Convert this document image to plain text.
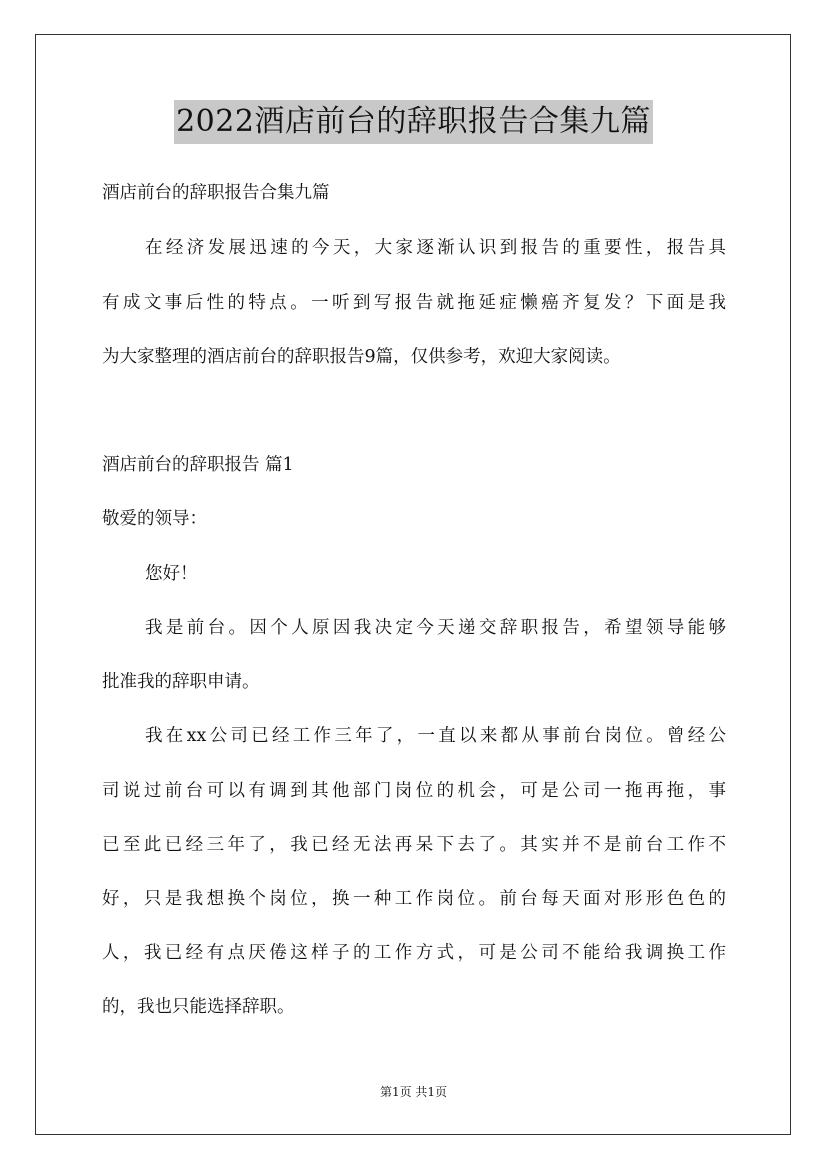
2022酒店前台的辞职报告合集九篇
酒店前台的辞职报告合集九篇
在经济发展迅速的今天，大家逐渐认识到报告的重要性，报告具
有成文事后性的特点。一听到写报告就拖延症懒癌齐复发？下面是我
为大家整理的酒店前台的辞职报告9篇，仅供参考，欢迎大家阅读。
酒店前台的辞职报告 篇1
敬爱的领导：
您好！
我是前台。因个人原因我决定今天递交辞职报告，希望领导能够
批准我的辞职申请。
我在xx公司已经工作三年了，一直以来都从事前台岗位。曾经公
司说过前台可以有调到其他部门岗位的机会，可是公司一拖再拖，事
已至此已经三年了，我已经无法再呆下去了。其实并不是前台工作不
好，只是我想换个岗位，换一种工作岗位。前台每天面对形形色色的
人，我已经有点厌倦这样子的工作方式，可是公司不能给我调换工作
的，我也只能选择辞职。
第1页 共1页
